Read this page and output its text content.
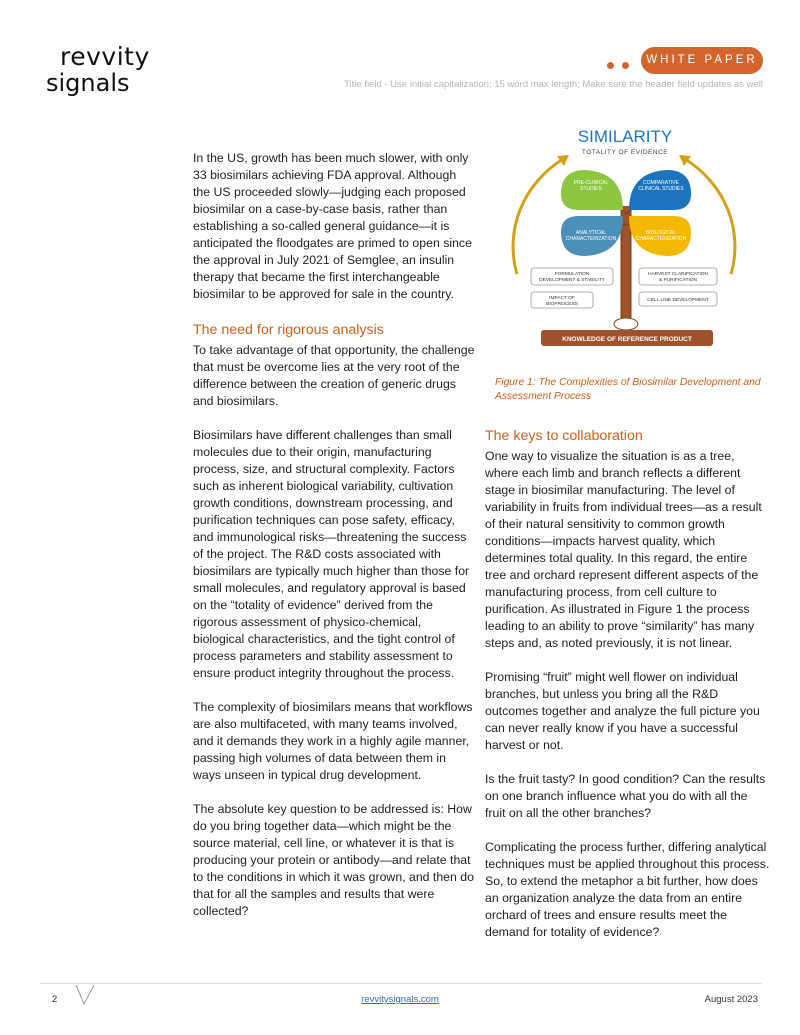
revvity
signals
WHITE PAPER
Title field - Use initial capitalization; 15 word max length; Make sure the header field updates as well

In the US, growth has been much slower, with only 33 biosimilars achieving FDA approval. Although the US proceeded slowly—judging each proposed biosimilar on a case-by-case basis, rather than establishing a so-called general guidance—it is anticipated the floodgates are primed to open since the approval in July 2021 of Semglee, an insulin therapy that became the first interchangeable biosimilar to be approved for sale in the country.

The need for rigorous analysis

To take advantage of that opportunity, the challenge that must be overcome lies at the very root of the difference between the creation of generic drugs and biosimilars.

Biosimilars have different challenges than small molecules due to their origin, manufacturing process, size, and structural complexity. Factors such as inherent biological variability, cultivation growth conditions, downstream processing, and purification techniques can pose safety, efficacy, and immunological risks—threatening the success of the project. The R&D costs associated with biosimilars are typically much higher than those for small molecules, and regulatory approval is based on the “totality of evidence” derived from the rigorous assessment of physico-chemical, biological characteristics, and the tight control of process parameters and stability assessment to ensure product integrity throughout the process.

The complexity of biosimilars means that workflows are also multifaceted, with many teams involved, and it demands they work in a highly agile manner, passing high volumes of data between them in ways unseen in typical drug development.

The absolute key question to be addressed is: How do you bring together data—which might be the source material, cell line, or whatever it is that is producing your protein or antibody—and relate that to the conditions in which it was grown, and then do that for all the samples and results that were collected?

SIMILARITY
TOTALITY OF EVIDENCE
PRE-CLINICAL
STUDIES
COMPARATIVE
CLINICAL STUDIES
ANALYTICAL
CHARACTERIZATION
BIOLOGICAL
CHARACTERIZATION
FORMULATION
DEVELOPMENT & STABILITY
HARVEST CLARIFICATION
& PURIFICATION
IMPACT OF
BIOPROCESS
CELL LINE DEVELOPMENT
KNOWLEDGE OF REFERENCE PRODUCT
Figure 1: The Complexities of Biosimilar Development and Assessment Process
The keys to collaboration

One way to visualize the situation is as a tree, where each limb and branch reflects a different stage in biosimilar manufacturing. The level of variability in fruits from individual trees—as a result of their natural sensitivity to common growth conditions—impacts harvest quality, which determines total quality. In this regard, the entire tree and orchard represent different aspects of the manufacturing process, from cell culture to purification. As illustrated in Figure 1 the process leading to an ability to prove “similarity” has many steps and, as noted previously, it is not linear.

Promising “fruit” might well flower on individual branches, but unless you bring all the R&D outcomes together and analyze the full picture you can never really know if you have a successful harvest or not.

Is the fruit tasty? In good condition? Can the results on one branch influence what you do with all the fruit on all the other branches?

Complicating the process further, differing analytical techniques must be applied throughout this process. So, to extend the metaphor a bit further, how does an organization analyze the data from an entire orchard of trees and ensure results meet the demand for totality of evidence?

2	revvitysignals.com	August 2023
